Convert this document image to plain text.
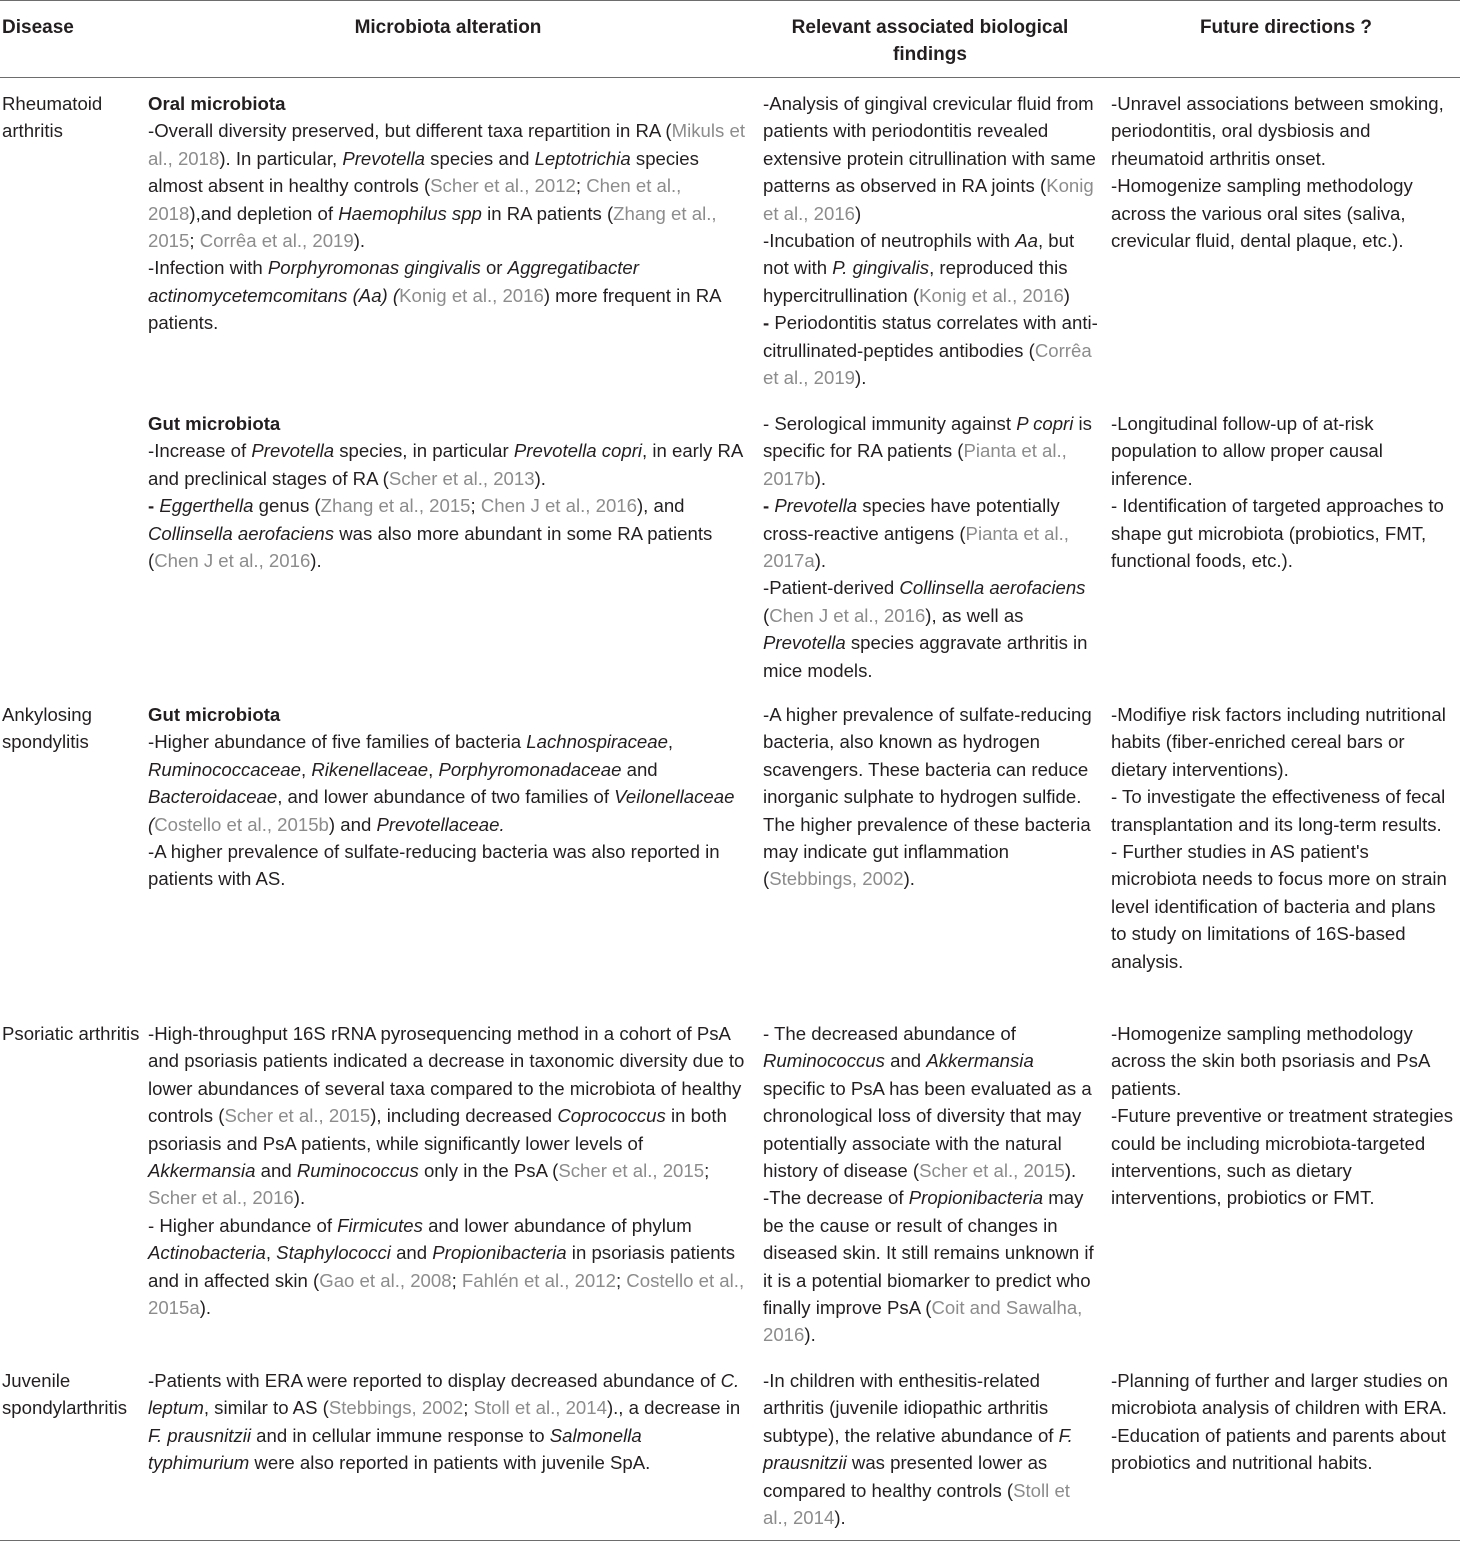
Disease	Microbiota alteration	Relevant associated biological findings
Future directions ?
Rheumatoid arthritis
Oral microbiota
-Overall diversity preserved, but different taxa repartition in RA (Mikuls et al., 2018). In particular, Prevotella species and Leptotrichia species almost absent in healthy controls (Scher et al., 2012; Chen et al., 2018),and depletion of Haemophilus spp in RA patients (Zhang et al., 2015; Corrêa et al., 2019).
-Infection with Porphyromonas gingivalis or Aggregatibacter actinomycetemcomitans (Aa) (Konig et al., 2016) more frequent in RA patients.
-Analysis of gingival crevicular fluid from patients with periodontitis revealed extensive protein citrullination with same patterns as observed in RA joints (Konig et al., 2016)
-Incubation of neutrophils with Aa, but not with P. gingivalis, reproduced this hypercitrullination (Konig et al., 2016)
- Periodontitis status correlates with anti-citrullinated-peptides antibodies (Corrêa et al., 2019).
-Unravel associations between smoking, periodontitis, oral dysbiosis and rheumatoid arthritis onset.
-Homogenize sampling methodology across the various oral sites (saliva, crevicular fluid, dental plaque, etc.).
Gut microbiota
-Increase of Prevotella species, in particular Prevotella copri, in early RA and preclinical stages of RA (Scher et al., 2013).
- Eggerthella genus (Zhang et al., 2015; Chen J et al., 2016), and Collinsella aerofaciens was also more abundant in some RA patients (Chen J et al., 2016).
- Serological immunity against P copri is specific for RA patients (Pianta et al., 2017b).
- Prevotella species have potentially cross-reactive antigens (Pianta et al., 2017a).
-Patient-derived Collinsella aerofaciens (Chen J et al., 2016), as well as Prevotella species aggravate arthritis in mice models.
-Longitudinal follow-up of at-risk population to allow proper causal inference.
- Identification of targeted approaches to shape gut microbiota (probiotics, FMT, functional foods, etc.).
Ankylosing spondylitis
Gut microbiota
-Higher abundance of five families of bacteria Lachnospiraceae, Ruminococcaceae, Rikenellaceae, Porphyromonadaceae and Bacteroidaceae, and lower abundance of two families of Veilonellaceae (Costello et al., 2015b) and Prevotellaceae.
-A higher prevalence of sulfate-reducing bacteria was also reported in patients with AS.
-A higher prevalence of sulfate-reducing bacteria, also known as hydrogen scavengers. These bacteria can reduce inorganic sulphate to hydrogen sulfide. The higher prevalence of these bacteria may indicate gut inflammation (Stebbings, 2002).
-Modifiye risk factors including nutritional habits (fiber-enriched cereal bars or dietary interventions).
- To investigate the effectiveness of fecal transplantation and its long-term results.
- Further studies in AS patient's microbiota needs to focus more on strain level identification of bacteria and plans to study on limitations of 16S-based analysis.
Psoriatic arthritis -High-throughput 16S rRNA pyrosequencing method in a cohort of PsA and psoriasis patients indicated a decrease in taxonomic diversity due to lower abundances of several taxa compared to the microbiota of healthy controls (Scher et al., 2015), including decreased Coprococcus in both psoriasis and PsA patients, while significantly lower levels of Akkermansia and Ruminococcus only in the PsA (Scher et al., 2015; Scher et al., 2016).
- Higher abundance of Firmicutes and lower abundance of phylum Actinobacteria, Staphylococci and Propionibacteria in psoriasis patients and in affected skin (Gao et al., 2008; Fahlén et al., 2012; Costello et al., 2015a).
- The decreased abundance of Ruminococcus and Akkermansia specific to PsA has been evaluated as a chronological loss of diversity that may potentially associate with the natural history of disease (Scher et al., 2015).
-The decrease of Propionibacteria may be the cause or result of changes in diseased skin. It still remains unknown if it is a potential biomarker to predict who finally improve PsA (Coit and Sawalha, 2016).
-Homogenize sampling methodology across the skin both psoriasis and PsA patients.
-Future preventive or treatment strategies could be including microbiota-targeted interventions, such as dietary interventions, probiotics or FMT.
Juvenile spondylarthritis
-Patients with ERA were reported to display decreased abundance of C. leptum, similar to AS (Stebbings, 2002; Stoll et al., 2014)., a decrease in F. prausnitzii and in cellular immune response to Salmonella typhimurium were also reported in patients with juvenile SpA.
-In children with enthesitis-related arthritis (juvenile idiopathic arthritis subtype), the relative abundance of F. prausnitzii was presented lower as compared to healthy controls (Stoll et al., 2014).
-Planning of further and larger studies on microbiota analysis of children with ERA.
-Education of patients and parents about probiotics and nutritional habits.
